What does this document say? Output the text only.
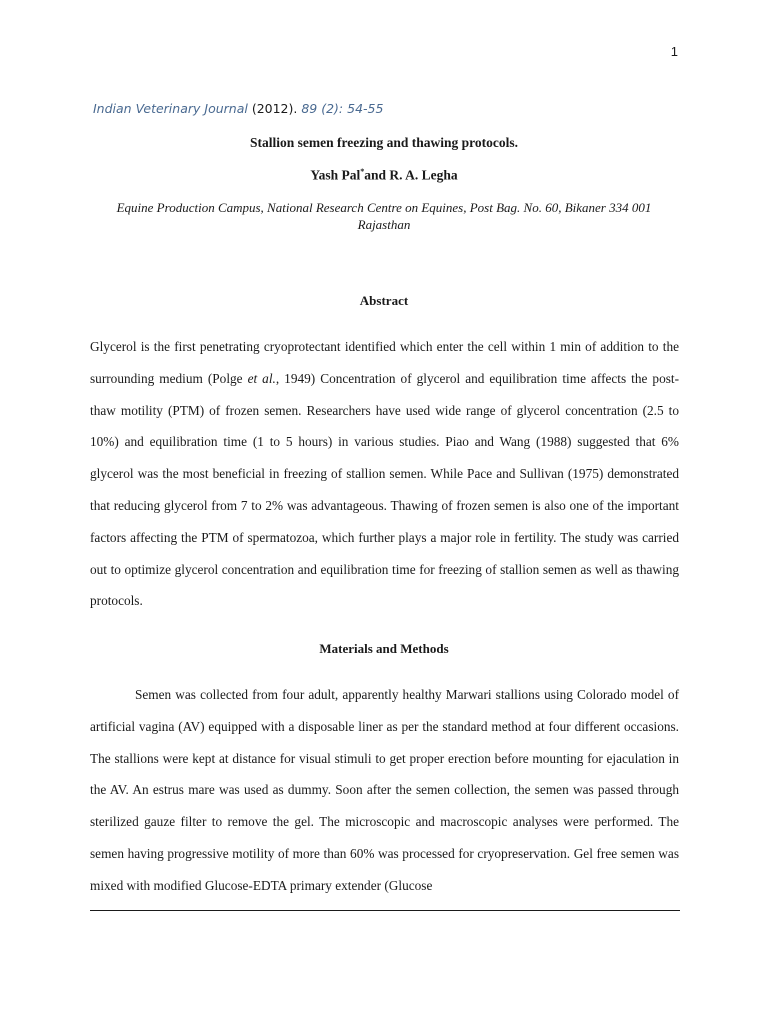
1
Indian Veterinary Journal (2012). 89 (2): 54-55
Stallion semen freezing and thawing protocols.
Yash Pal*and R. A. Legha
Equine Production Campus, National Research Centre on Equines, Post Bag. No. 60, Bikaner 334 001
Rajasthan
Abstract

Glycerol is the first penetrating cryoprotectant identified which enter the cell within 1 min of addition to the surrounding medium (Polge et al., 1949) Concentration of glycerol and equilibration time affects the post-thaw motility (PTM) of frozen semen. Researchers have used wide range of glycerol concentration (2.5 to 10%) and equilibration time (1 to 5 hours) in various studies. Piao and Wang (1988) suggested that 6% glycerol was the most beneficial in freezing of stallion semen. While Pace and Sullivan (1975) demonstrated that reducing glycerol from 7 to 2% was advantageous. Thawing of frozen semen is also one of the important factors affecting the PTM of spermatozoa, which further plays a major role in fertility. The study was carried out to optimize glycerol concentration and equilibration time for freezing of stallion semen as well as thawing protocols.

Materials and Methods

Semen was collected from four adult, apparently healthy Marwari stallions using Colorado model of artificial vagina (AV) equipped with a disposable liner as per the standard method at four different occasions. The stallions were kept at distance for visual stimuli to get proper erection before mounting for ejaculation in the AV. An estrus mare was used as dummy. Soon after the semen collection, the semen was passed through sterilized gauze filter to remove the gel. The microscopic and macroscopic analyses were performed. The semen having progressive motility of more than 60% was processed for cryopreservation. Gel free semen was mixed with modified Glucose-EDTA primary extender (Glucose
